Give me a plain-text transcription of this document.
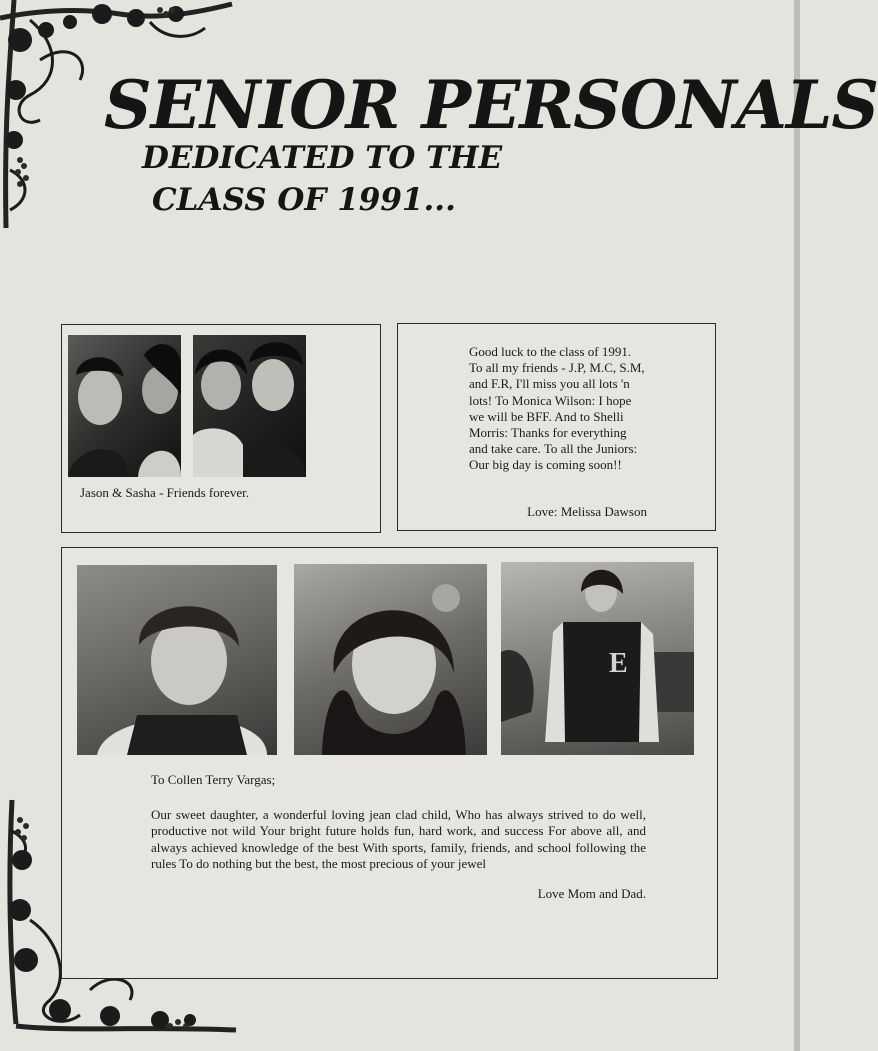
SENIOR PERSONALS
DEDICATED TO THE
CLASS OF 1991...
Jason & Sasha - Friends forever.

Good luck to the class of 1991. To all my friends - J.P, M.C, S.M, and F.R, I'll miss you all lots 'n lots! To Monica Wilson: I hope we will be BFF. And to Shelli Morris: Thanks for everything and take care. To all the Juniors: Our big day is coming soon!!

Love: Melissa Dawson
E
To Collen Terry Vargas;
Our sweet daughter, a wonderful loving jean clad child, Who has always strived to do well, productive not wild Your bright future holds fun, hard work, and success For above all, and always achieved knowledge of the best With sports, family, friends, and school following the rules To do nothing but the best, the most precious of your jewel
Love Mom and Dad.
